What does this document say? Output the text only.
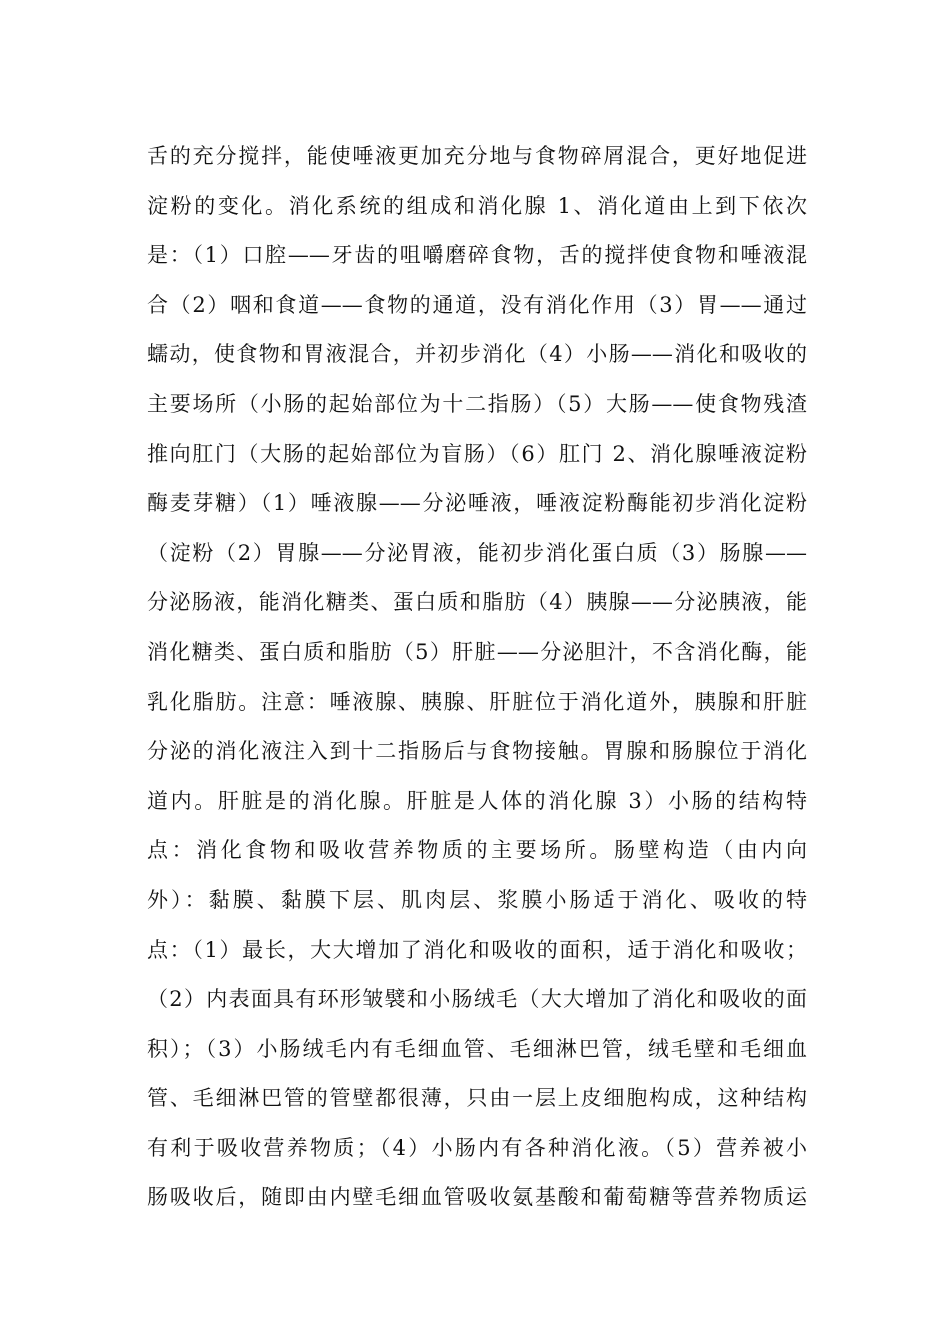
舌的充分搅拌，能使唾液更加充分地与食物碎屑混合，更好地促进
淀粉的变化。消化系统的组成和消化腺 1、消化道由上到下依次
是：（1）口腔——牙齿的咀嚼磨碎食物，舌的搅拌使食物和唾液混
合（2）咽和食道——食物的通道，没有消化作用（3）胃——通过
蠕动，使食物和胃液混合，并初步消化（4）小肠——消化和吸收的
主要场所（小肠的起始部位为十二指肠）（5）大肠——使食物残渣
推向肛门（大肠的起始部位为盲肠）（6）肛门 2、消化腺唾液淀粉
酶麦芽糖）（1）唾液腺——分泌唾液，唾液淀粉酶能初步消化淀粉
（淀粉（2）胃腺——分泌胃液，能初步消化蛋白质（3）肠腺——
分泌肠液，能消化糖类、蛋白质和脂肪（4）胰腺——分泌胰液，能
消化糖类、蛋白质和脂肪（5）肝脏——分泌胆汁，不含消化酶，能
乳化脂肪。注意：唾液腺、胰腺、肝脏位于消化道外，胰腺和肝脏
分泌的消化液注入到十二指肠后与食物接触。胃腺和肠腺位于消化
道内。肝脏是的消化腺。肝脏是人体的消化腺 3）小肠的结构特
点：消化食物和吸收营养物质的主要场所。肠壁构造（由内向
外）：黏膜、黏膜下层、肌肉层、浆膜小肠适于消化、吸收的特
点：（1）最长，大大增加了消化和吸收的面积，适于消化和吸收；
（2）内表面具有环形皱襞和小肠绒毛（大大增加了消化和吸收的面
积）；（3）小肠绒毛内有毛细血管、毛细淋巴管，绒毛壁和毛细血
管、毛细淋巴管的管壁都很薄，只由一层上皮细胞构成，这种结构
有利于吸收营养物质；（4）小肠内有各种消化液。（5）营养被小
肠吸收后，随即由内壁毛细血管吸收氨基酸和葡萄糖等营养物质运
